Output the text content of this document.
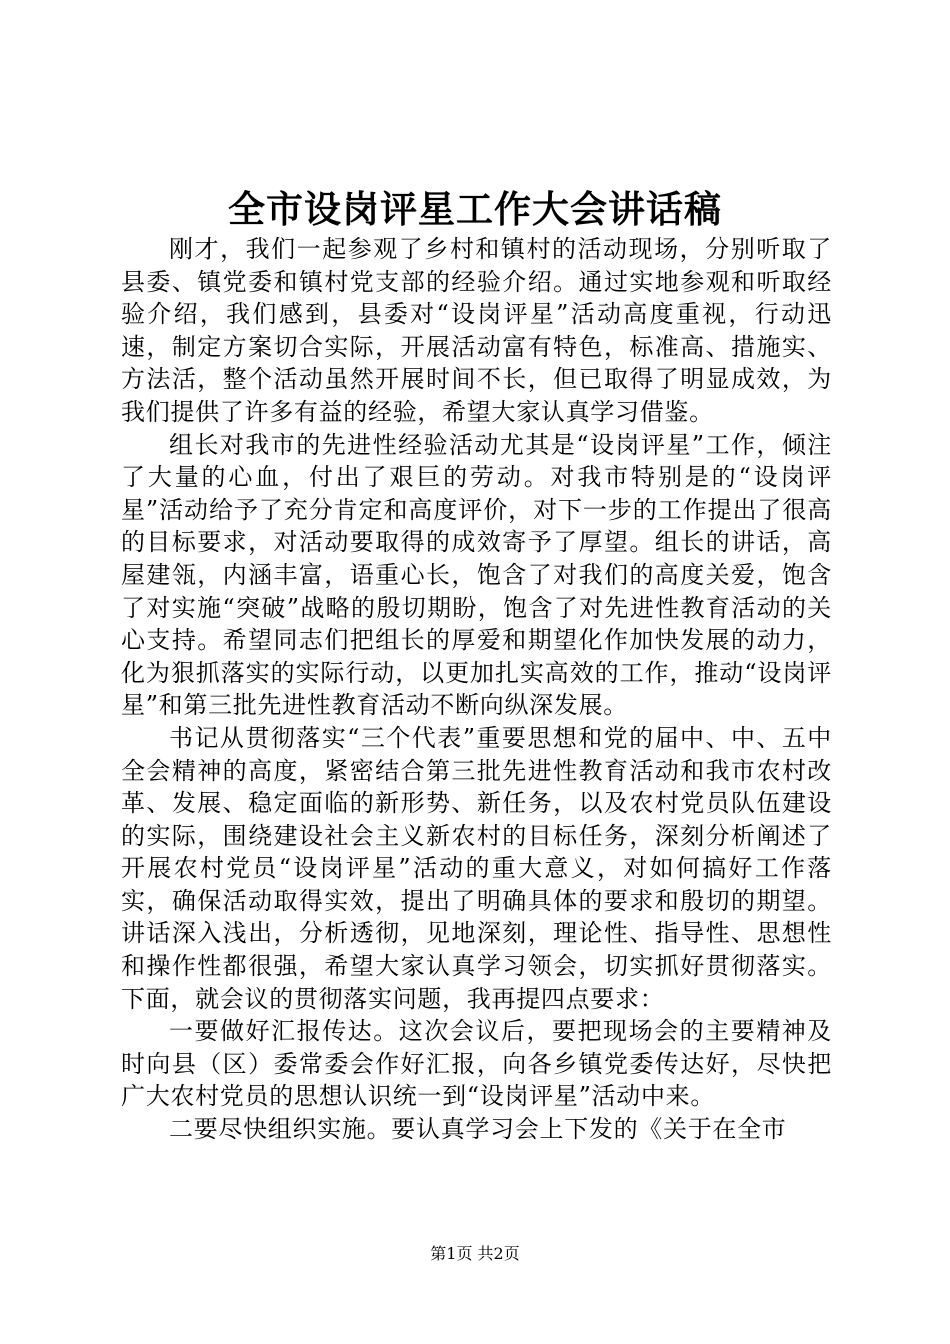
全市设岗评星工作大会讲话稿

刚才，我们一起参观了乡村和镇村的活动现场，分别听取了县委、镇党委和镇村党支部的经验介绍。通过实地参观和听取经验介绍，我们感到，县委对“设岗评星”活动高度重视，行动迅速，制定方案切合实际，开展活动富有特色，标准高、措施实、方法活，整个活动虽然开展时间不长，但已取得了明显成效，为我们提供了许多有益的经验，希望大家认真学习借鉴。

组长对我市的先进性经验活动尤其是“设岗评星”工作，倾注了大量的心血，付出了艰巨的劳动。对我市特别是的“设岗评星”活动给予了充分肯定和高度评价，对下一步的工作提出了很高的目标要求，对活动要取得的成效寄予了厚望。组长的讲话，高屋建瓴，内涵丰富，语重心长，饱含了对我们的高度关爱，饱含了对实施“突破”战略的殷切期盼，饱含了对先进性教育活动的关心支持。希望同志们把组长的厚爱和期望化作加快发展的动力，化为狠抓落实的实际行动，以更加扎实高效的工作，推动“设岗评星”和第三批先进性教育活动不断向纵深发展。

书记从贯彻落实“三个代表”重要思想和党的届中、中、五中全会精神的高度，紧密结合第三批先进性教育活动和我市农村改革、发展、稳定面临的新形势、新任务，以及农村党员队伍建设的实际，围绕建设社会主义新农村的目标任务，深刻分析阐述了开展农村党员“设岗评星”活动的重大意义，对如何搞好工作落实，确保活动取得实效，提出了明确具体的要求和殷切的期望。讲话深入浅出，分析透彻，见地深刻，理论性、指导性、思想性和操作性都很强，希望大家认真学习领会，切实抓好贯彻落实。下面，就会议的贯彻落实问题，我再提四点要求：

一要做好汇报传达。这次会议后，要把现场会的主要精神及时向县（区）委常委会作好汇报，向各乡镇党委传达好，尽快把广大农村党员的思想认识统一到“设岗评星”活动中来。

二要尽快组织实施。要认真学习会上下发的《关于在全市

第1页 共2页
